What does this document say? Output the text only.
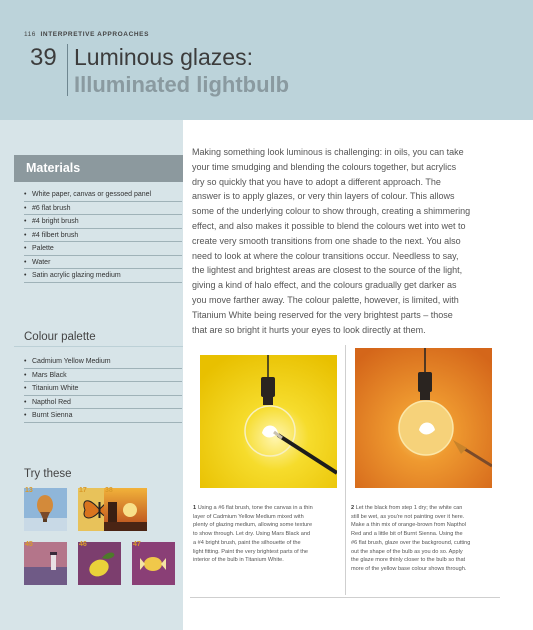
116 INTERPRETIVE APPROACHES
39 Luminous glazes:
Illuminated lightbulb
Materials
• White paper, canvas or gessoed panel
• #6 flat brush
• #4 bright brush
• #4 filbert brush
• Palette
• Water
• Satin acrylic glazing medium
Colour palette
• Cadmium Yellow Medium
• Mars Black
• Titanium White
• Napthol Red
• Burnt Sienna
Try these
13	17	38
45	46	47
Making something look luminous is challenging: in oils, you can take
your time smudging and blending the colours together, but acrylics
dry so quickly that you have to adopt a different approach. The
answer is to apply glazes, or very thin layers of colour. This allows
some of the underlying colour to show through, creating a shimmering
effect, and also makes it possible to blend the colours wet into wet to
create very smooth transitions from one shade to the next. You also
need to look at where the colour transitions occur. Needless to say,
the lightest and brightest areas are closest to the source of the light,
giving a kind of halo effect, and the colours gradually get darker as
you move farther away. The colour palette, however, is limited, with
Titanium White being reserved for the very brightest parts – those
that are so bright it hurts your eyes to look directly at them.
1 Using a #6 flat brush, tone the canvas in a thin
layer of Cadmium Yellow Medium mixed with
plenty of glazing medium, allowing some texture
to show through. Let dry. Using Mars Black and
a #4 bright brush, paint the silhouette of the
light fitting. Paint the very brightest parts of the
interior of the bulb in Titanium White.
2 Let the black from step 1 dry; the white can
still be wet, as you're not painting over it here.
Make a thin mix of orange-brown from Napthol
Red and a little bit of Burnt Sienna. Using the
#6 flat brush, glaze over the background, cutting
out the shape of the bulb as you do so. Apply
the glaze more thinly closer to the bulb so that
more of the yellow base colour shows through.
